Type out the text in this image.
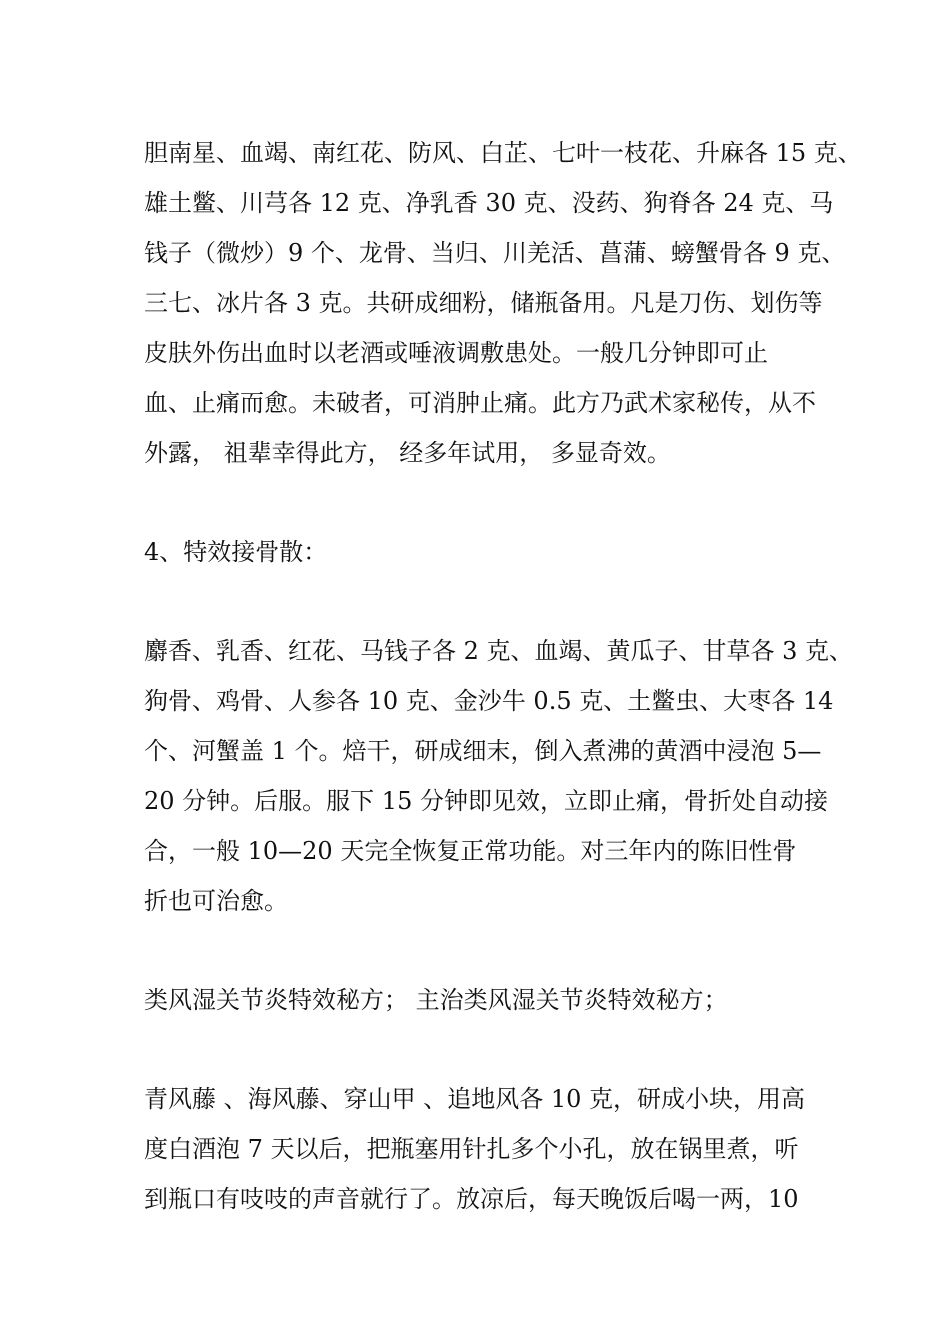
胆南星、血竭、南红花、防风、白芷、七叶一枝花、升麻各 15 克、
雄土鳖、川芎各 12 克、净乳香 30 克、没药、狗脊各 24 克、马
钱子（微炒）9 个、龙骨、当归、川羌活、菖蒲、螃蟹骨各 9 克、
三七、冰片各 3 克。共研成细粉，储瓶备用。凡是刀伤、划伤等
皮肤外伤出血时以老酒或唾液调敷患处。一般几分钟即可止
血、止痛而愈。未破者，可消肿止痛。此方乃武术家秘传，从不
外露， 祖辈幸得此方， 经多年试用， 多显奇效。
4、特效接骨散：
麝香、乳香、红花、马钱子各 2 克、血竭、黄瓜子、甘草各 3 克、
狗骨、鸡骨、人参各 10 克、金沙牛 0.5 克、土鳖虫、大枣各 14
个、河蟹盖 1 个。焙干，研成细末，倒入煮沸的黄酒中浸泡 5—
20 分钟。后服。服下 15 分钟即见效，立即止痛，骨折处自动接
合，一般 10—20 天完全恢复正常功能。对三年内的陈旧性骨
折也可治愈。
类风湿关节炎特效秘方； 主治类风湿关节炎特效秘方；
青风藤 、海风藤、穿山甲 、追地风各 10 克，研成小块，用高
度白酒泡 7 天以后，把瓶塞用针扎多个小孔，放在锅里煮，听
到瓶口有吱吱的声音就行了。放凉后，每天晚饭后喝一两，10
